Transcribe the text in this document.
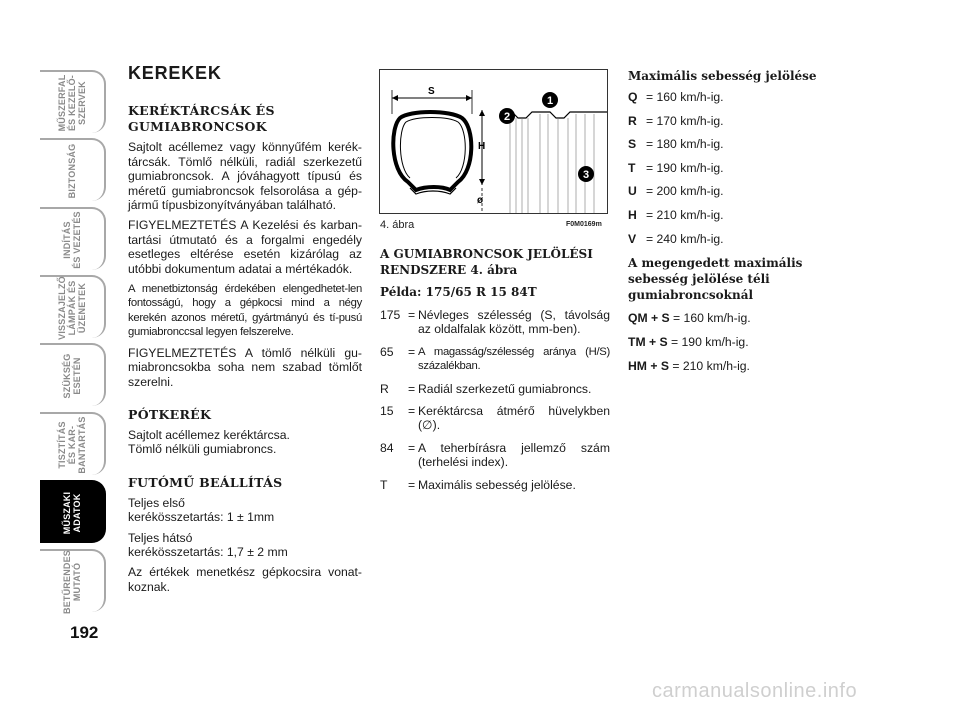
MŰSZERFAL
ÉS KEZELŐ-
SZERVEK
BIZTONSÁG
INDÍTÁS
ÉS VEZETÉS
VISSZAJELZŐ
LÁMPÁK ÉS
ÜZENETEK
SZÜKSÉG
ESETÉN
TISZTÍTÁS
ÉS KAR-
BANTARTÁS
MŰSZAKI
ADATOK
BETŰRENDES
MUTATÓ
192
KEREKEK
KERÉKTÁRCSÁK ÉS GUMIABRONCSOK

Sajtolt acéllemez vagy könnyűfém kerék-tárcsák. Tömlő nélküli, radiál szerkezetű gumiabroncsok. A jóváhagyott típusú és méretű gumiabroncsok felsorolása a gép-jármű típusbizonyítványában található.

FIGYELMEZTETÉS A Kezelési és karban-tartási útmutató és a forgalmi engedély esetleges eltérése esetén kizárólag az utóbbi dokumentum adatai a mértékadók.

A menetbiztonság érdekében elengedhetet-len fontosságú, hogy a gépkocsi mind a négy kerekén azonos méretű, gyártmányú és tí-pusú gumiabronccsal legyen felszerelve.

FIGYELMEZTETÉS A tömlő nélküli gu-miabroncsokba soha nem szabad tömlőt szerelni.

PÓTKERÉK

Sajtolt acéllemez keréktárcsa.

Tömlő nélküli gumiabroncs.

FUTÓMŰ BEÁLLÍTÁS

Teljes első

kerékösszetartás: 1 ± 1mm

Teljes hátsó

kerékösszetartás: 1,7 ± 2 mm

Az értékek menetkész gépkocsira vonat-koznak.

S
H
ø
1
2
3
4. ábra	F0M0169m
A GUMIABRONCSOK JELÖLÉSI RENDSZERE 4. ábra
Példa: 175/65 R 15 84T
175 = Névleges szélesség (S, távolság az oldalfalak között, mm-ben).
65	= A magasság/szélesség aránya (H/S) százalékban.
R	= Radiál szerkezetű gumiabroncs.
15	= Keréktárcsa átmérő hüvelykben (∅).
84	= A teherbírásra jellemző szám (terhelési index).
T	= Maximális sebesség jelölése.
Maximális sebesség jelölése
Q = 160 km/h-ig.
R = 170 km/h-ig.
S = 180 km/h-ig.
T = 190 km/h-ig.
U = 200 km/h-ig.
H = 210 km/h-ig.
V = 240 km/h-ig.
A megengedett maximális sebesség jelölése téli gumiabroncsoknál
QM + S = 160 km/h-ig.
TM + S = 190 km/h-ig.
HM + S = 210 km/h-ig.
carmanualsonline.info
